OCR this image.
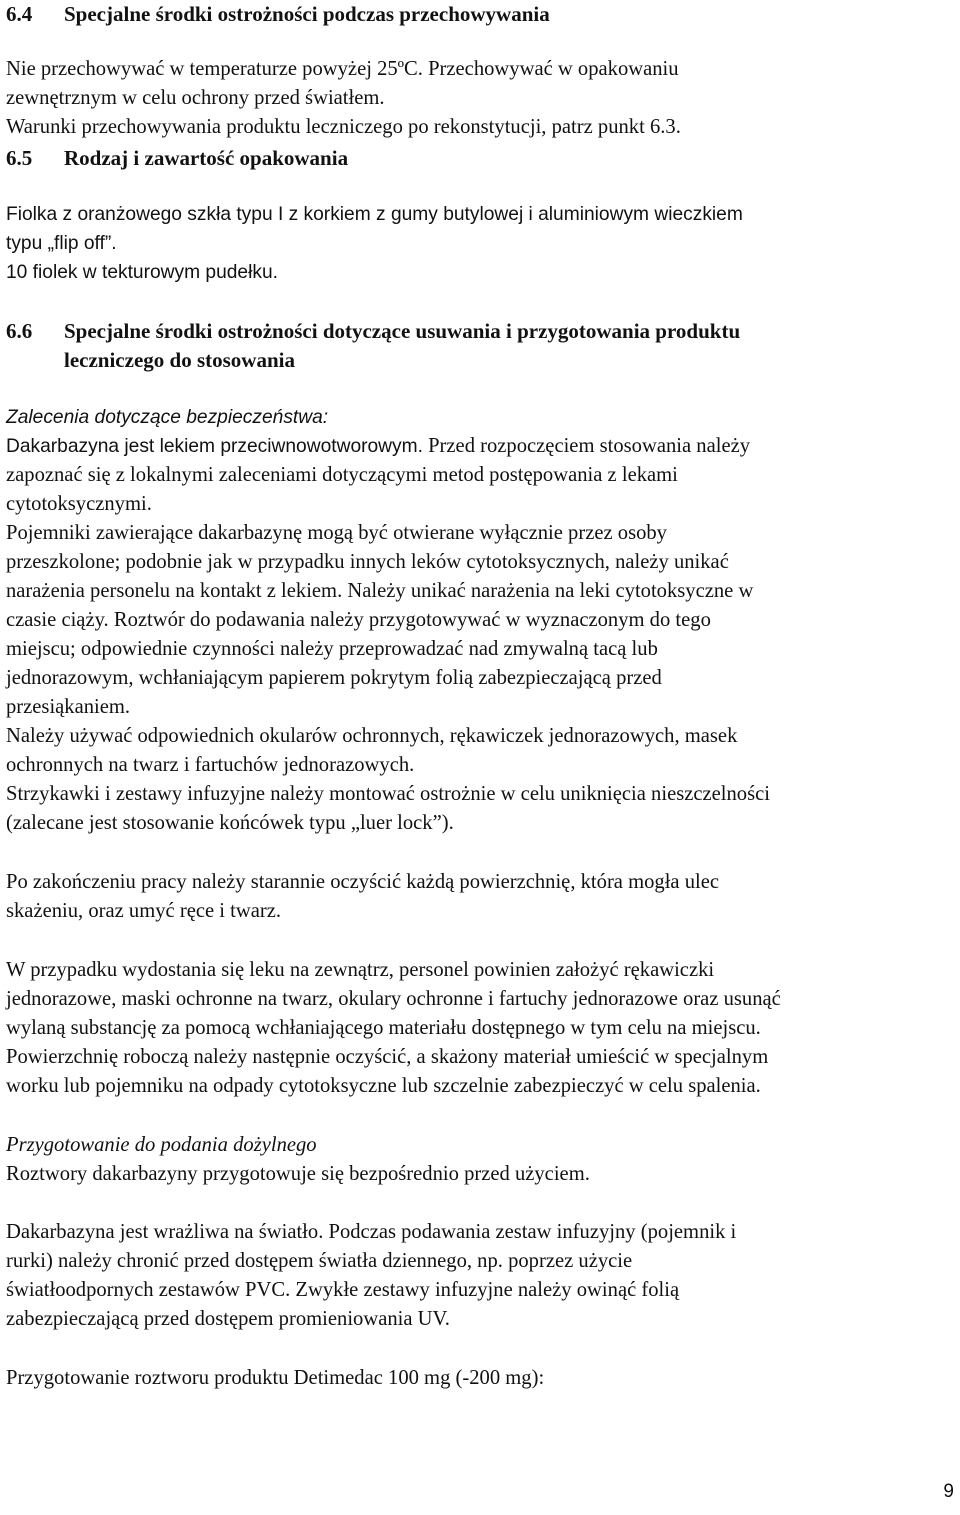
6.4 Specjalne środki ostrożności podczas przechowywania
Nie przechowywać w temperaturze powyżej 25ºC. Przechowywać w opakowaniu
zewnętrznym w celu ochrony przed światłem.
Warunki przechowywania produktu leczniczego po rekonstytucji, patrz punkt 6.3.
6.5 Rodzaj i zawartość opakowania
Fiolka z oranżowego szkła typu I z korkiem z gumy butylowej i aluminiowym wieczkiem
typu „flip off”.
10 fiolek w tekturowym pudełku.
6.6 Specjalne środki ostrożności dotyczące usuwania i przygotowania produktu
leczniczego do stosowania
Zalecenia dotyczące bezpieczeństwa:
Dakarbazyna jest lekiem przeciwnowotworowym. Przed rozpoczęciem stosowania należy
zapoznać się z lokalnymi zaleceniami dotyczącymi metod postępowania z lekami
cytotoksycznymi.
Pojemniki zawierające dakarbazynę mogą być otwierane wyłącznie przez osoby
przeszkolone; podobnie jak w przypadku innych leków cytotoksycznych, należy unikać
narażenia personelu na kontakt z lekiem. Należy unikać narażenia na leki cytotoksyczne w
czasie ciąży. Roztwór do podawania należy przygotowywać w wyznaczonym do tego
miejscu; odpowiednie czynności należy przeprowadzać nad zmywalną tacą lub
jednorazowym, wchłaniającym papierem pokrytym folią zabezpieczającą przed
przesiąkaniem.
Należy używać odpowiednich okularów ochronnych, rękawiczek jednorazowych, masek
ochronnych na twarz i fartuchów jednorazowych.
Strzykawki i zestawy infuzyjne należy montować ostrożnie w celu uniknięcia nieszczelności
(zalecane jest stosowanie końcówek typu „luer lock”).
Po zakończeniu pracy należy starannie oczyścić każdą powierzchnię, która mogła ulec
skażeniu, oraz umyć ręce i twarz.
W przypadku wydostania się leku na zewnątrz, personel powinien założyć rękawiczki
jednorazowe, maski ochronne na twarz, okulary ochronne i fartuchy jednorazowe oraz usunąć
wylaną substancję za pomocą wchłaniającego materiału dostępnego w tym celu na miejscu.
Powierzchnię roboczą należy następnie oczyścić, a skażony materiał umieścić w specjalnym
worku lub pojemniku na odpady cytotoksyczne lub szczelnie zabezpieczyć w celu spalenia.
Przygotowanie do podania dożylnego
Roztwory dakarbazyny przygotowuje się bezpośrednio przed użyciem.
Dakarbazyna jest wrażliwa na światło. Podczas podawania zestaw infuzyjny (pojemnik i
rurki) należy chronić przed dostępem światła dziennego, np. poprzez użycie
światłoodpornych zestawów PVC. Zwykłe zestawy infuzyjne należy owinąć folią
zabezpieczającą przed dostępem promieniowania UV.
Przygotowanie roztworu produktu Detimedac 100 mg (-200 mg):
9
